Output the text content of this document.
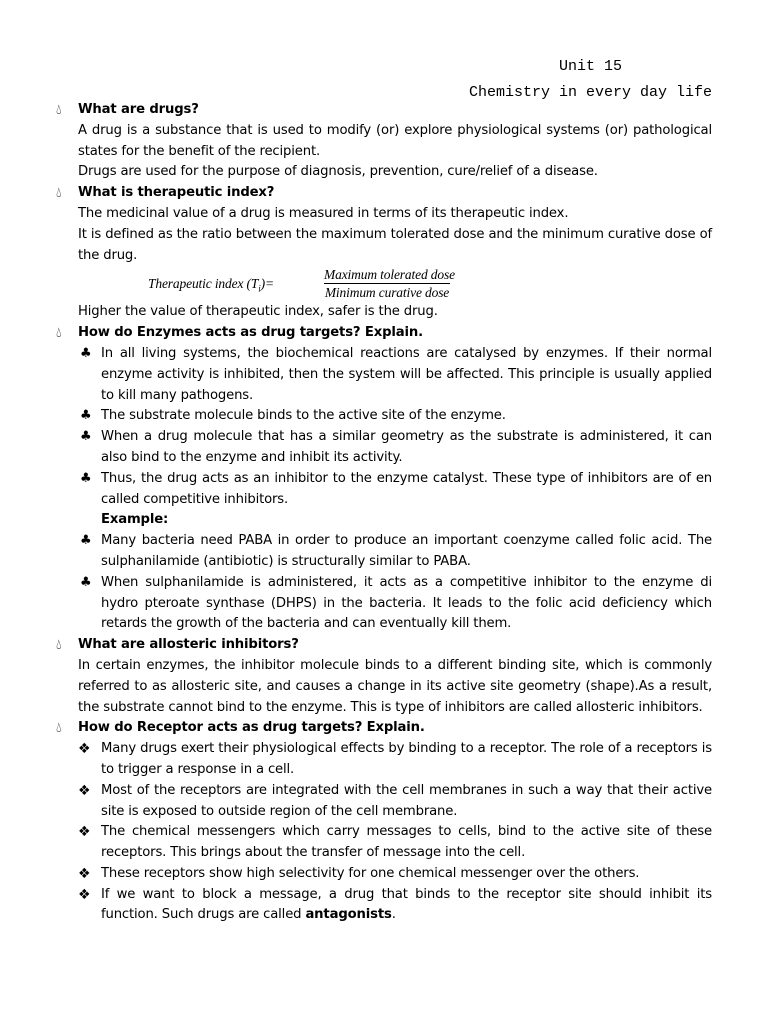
Unit 15
Chemistry in every day life
💧︎ What are drugs?
A drug is a substance that is used to modify (or) explore physiological systems (or) pathological states for the benefit of the recipient.
Drugs are used for the purpose of diagnosis, prevention, cure/relief of a disease.
💧︎ What is therapeutic index?
The medicinal value of a drug is measured in terms of its therapeutic index.
It is defined as the ratio between the maximum tolerated dose and the minimum curative dose of the drug.
Therapeutic index $(T_i)=$
Maximum tolerated dose
Minimum curative dose
Higher the value of therapeutic index, safer is the drug.
💧︎ How do Enzymes acts as drug targets? Explain.
♣ In all living systems, the biochemical reactions are catalysed by enzymes. If their normal enzyme activity is inhibited, then the system will be affected. This principle is usually applied to kill many pathogens.
♣ The substrate molecule binds to the active site of the enzyme.
♣ When a drug molecule that has a similar geometry as the substrate is administered, it can also bind to the enzyme and inhibit its activity.
♣ Thus, the drug acts as an inhibitor to the enzyme catalyst. These type of inhibitors are of en called competitive inhibitors.
Example:
♣ Many bacteria need PABA in order to produce an important coenzyme called folic acid. The sulphanilamide (antibiotic) is structurally similar to PABA.
♣ When sulphanilamide is administered, it acts as a competitive inhibitor to the enzyme di hydro pteroate synthase (DHPS) in the bacteria. It leads to the folic acid deficiency which retards the growth of the bacteria and can eventually kill them.
💧︎ What are allosteric inhibitors?
In certain enzymes, the inhibitor molecule binds to a different binding site, which is commonly referred to as allosteric site, and causes a change in its active site geometry (shape).As a result, the substrate cannot bind to the enzyme. This is type of inhibitors are called allosteric inhibitors.
💧︎ How do Receptor acts as drug targets? Explain.
❖ Many drugs exert their physiological effects by binding to a receptor. The role of a receptors is to trigger a response in a cell.
❖ Most of the receptors are integrated with the cell membranes in such a way that their active site is exposed to outside region of the cell membrane.
❖ The chemical messengers which carry messages to cells, bind to the active site of these receptors. This brings about the transfer of message into the cell.
❖ These receptors show high selectivity for one chemical messenger over the others.
❖ If we want to block a message, a drug that binds to the receptor site should inhibit its function. Such drugs are called antagonists.
